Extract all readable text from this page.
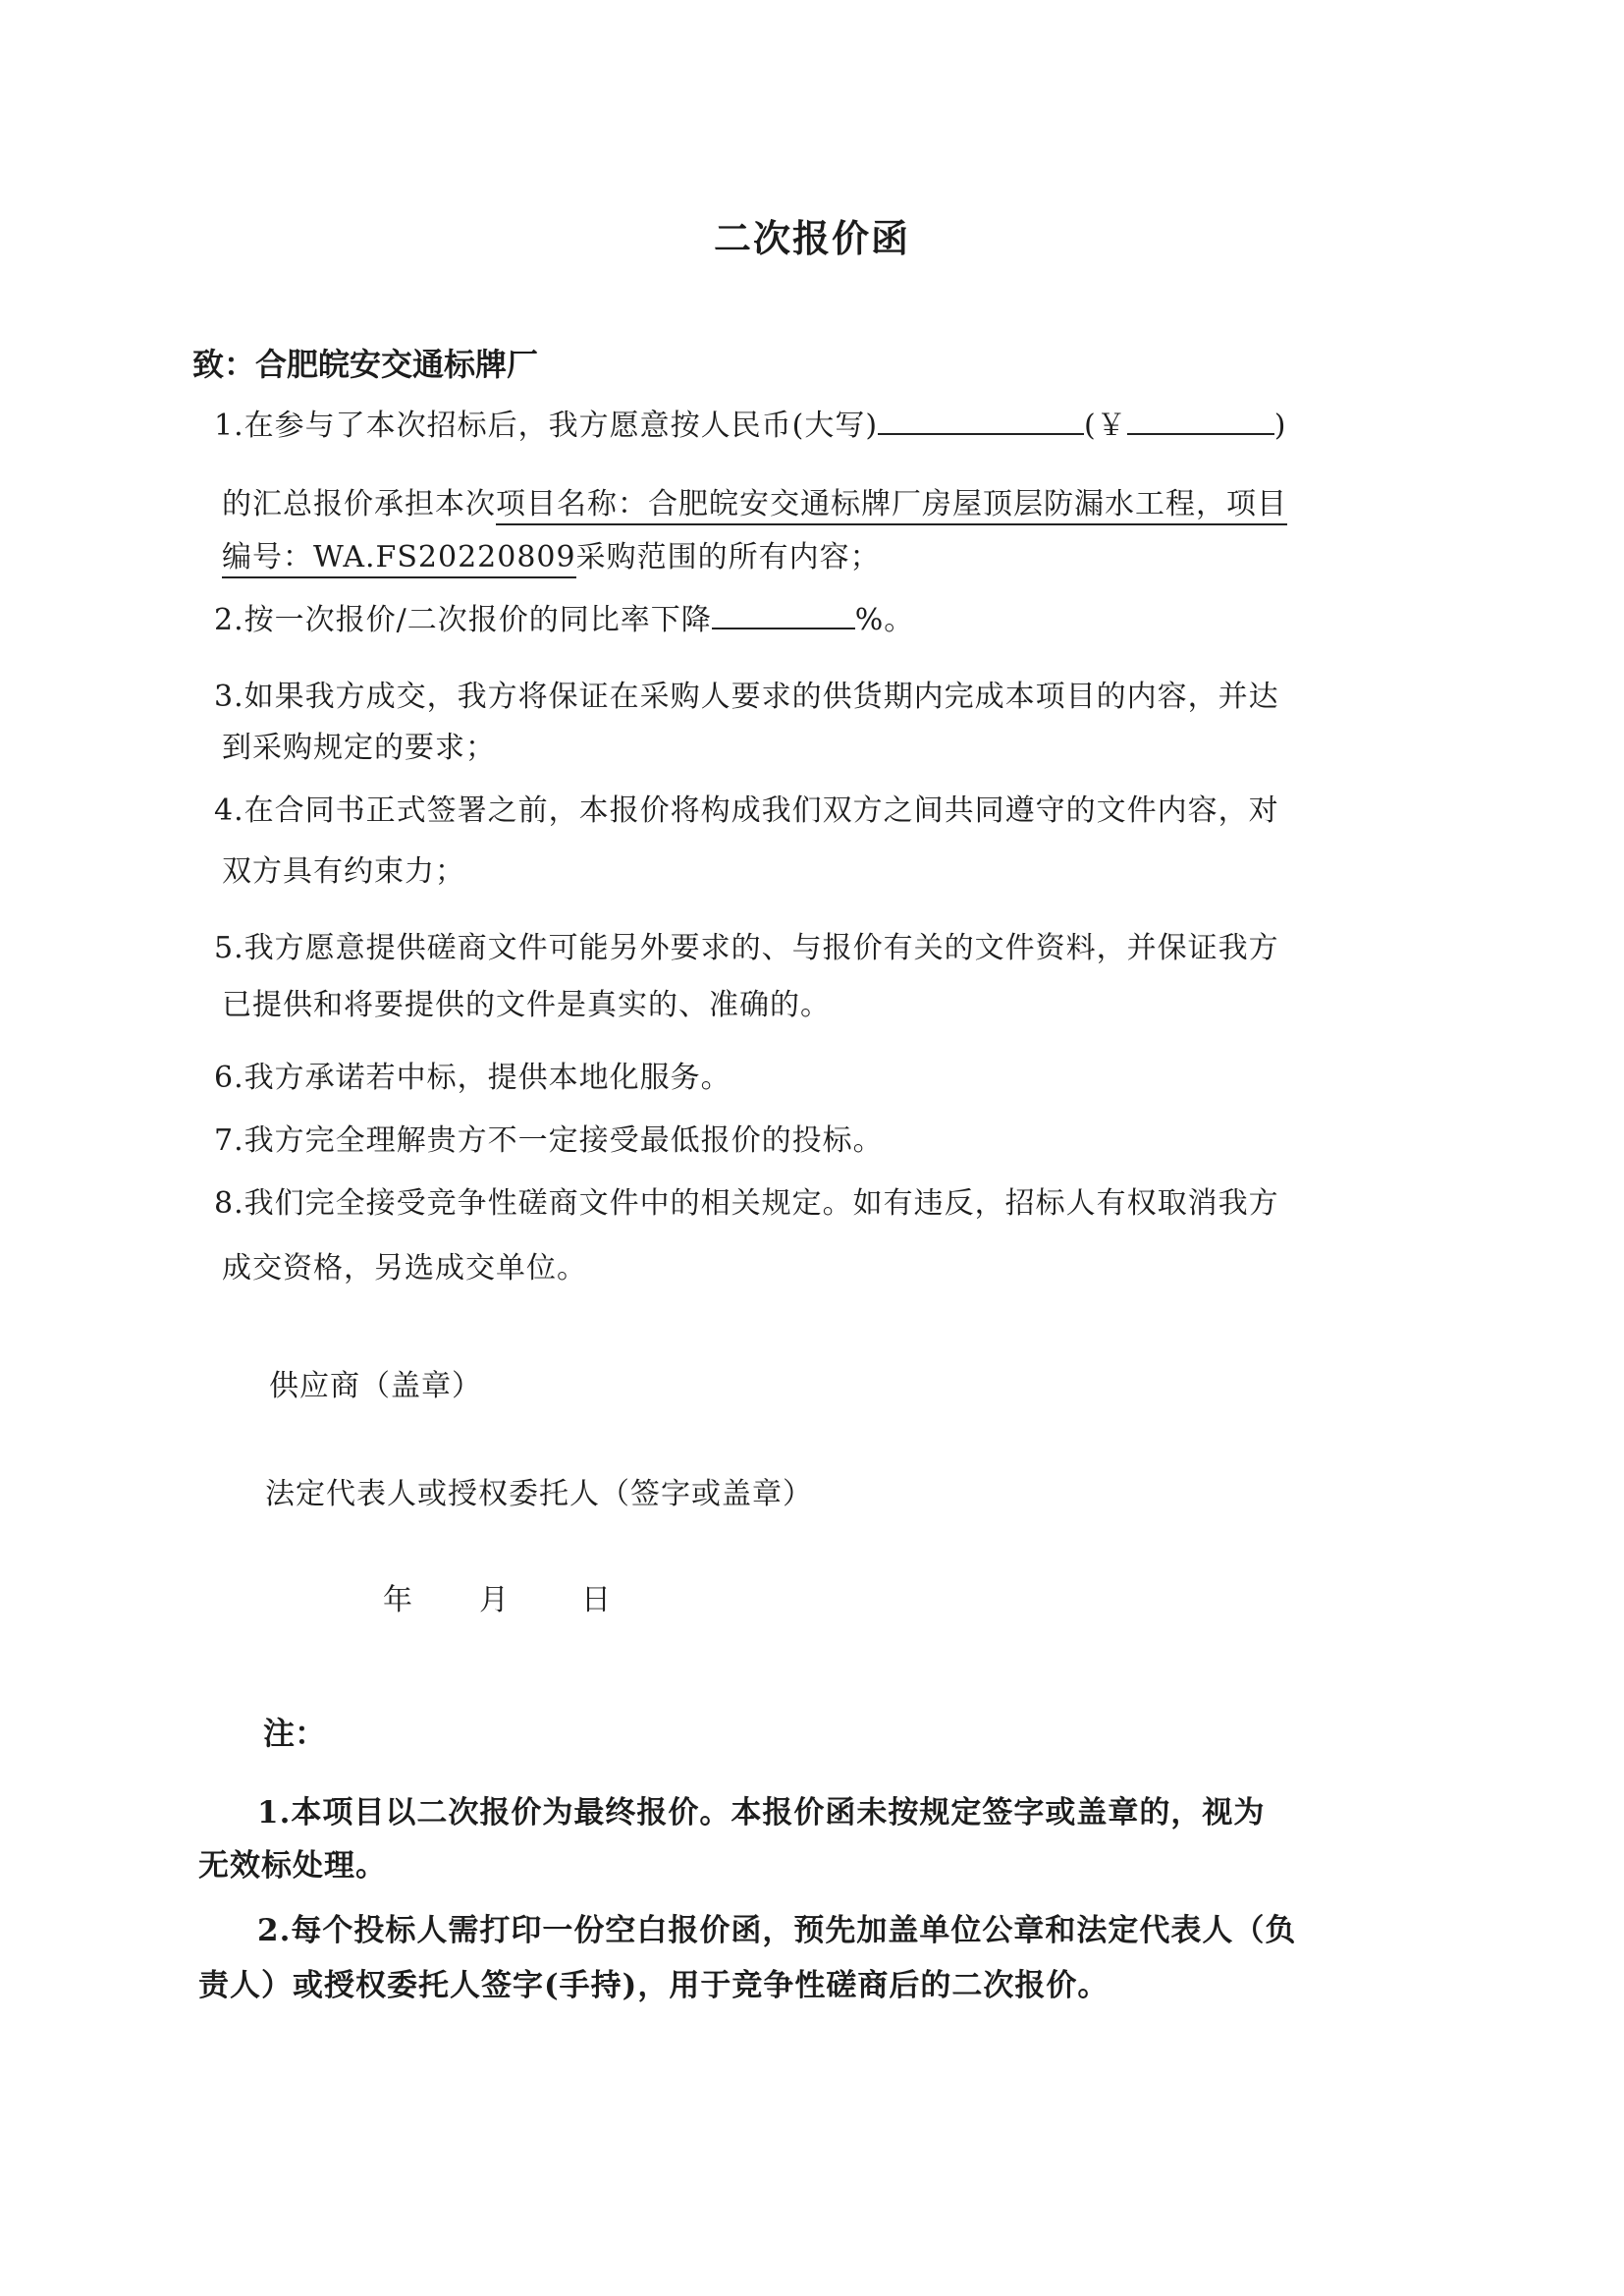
二次报价函
致：合肥皖安交通标牌厂
1.在参与了本次招标后，我方愿意按人民币(大写)	(￥	)
的汇总报价承担本次项目名称：合肥皖安交通标牌厂房屋顶层防漏水工程，项目
编号：WA.FS20220809采购范围的所有内容；
2.按一次报价/二次报价的同比率下降	%。
3.如果我方成交，我方将保证在采购人要求的供货期内完成本项目的内容，并达
到采购规定的要求；
4.在合同书正式签署之前，本报价将构成我们双方之间共同遵守的文件内容，对
双方具有约束力；
5.我方愿意提供磋商文件可能另外要求的、与报价有关的文件资料，并保证我方
已提供和将要提供的文件是真实的、准确的。
6.我方承诺若中标，提供本地化服务。
7.我方完全理解贵方不一定接受最低报价的投标。
8.我们完全接受竞争性磋商文件中的相关规定。如有违反，招标人有权取消我方
成交资格，另选成交单位。
供应商（盖章）
法定代表人或授权委托人（签字或盖章）
年 月 日
注：
1.本项目以二次报价为最终报价。本报价函未按规定签字或盖章的，视为
无效标处理。
2.每个投标人需打印一份空白报价函，预先加盖单位公章和法定代表人（负
责人）或授权委托人签字(手持)，用于竞争性磋商后的二次报价。
